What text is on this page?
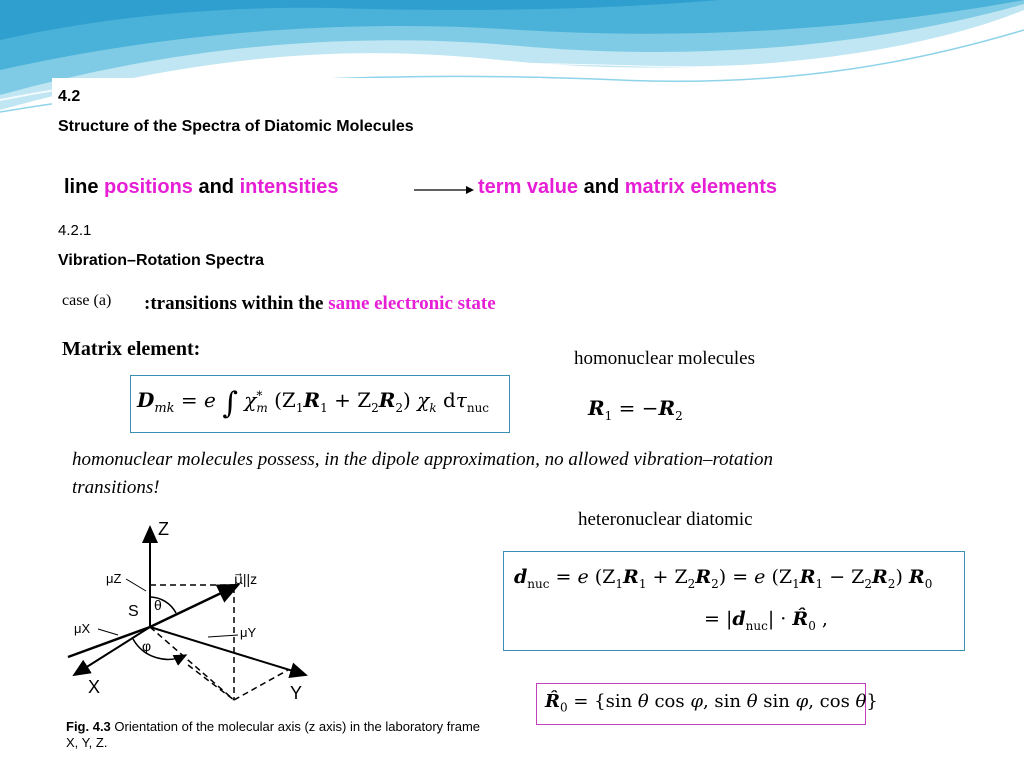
4.2
Structure of the Spectra of Diatomic Molecules
line positions and intensities	term value and matrix elements
4.2.1
Vibration–Rotation Spectra
case (a) :transitions within the same electronic state
Matrix element:	homonuclear molecules
$D_{mk} = e$ ∫ $\chi^*_m$ $(Z_1R_1 + Z_2R_2)$ $\chi_k$ $d\tau_{nuc}$	$R_1 = -R_2$
homonuclear molecules possess, in the dipole approximation, no allowed vibration–rotation transitions!
heteronuclear diatomic
$d_{nuc} = e$ $(Z_1R_1 + Z_2R_2) = e$ $(Z_1R_1 - Z_2R_2)$ $R_0$
= $|d_{nuc}|$ · $R̂_0$ ,
$R̂_0 = \{\sin$ θ cos φ, sin θ sin φ, cos θ}
Z
X	Y
S θ
φ
μ⃗||z
μZ
μX	μY
Fig. 4.3 Orientation of the molecular axis (z axis) in the laboratory frame X, Y, Z.
